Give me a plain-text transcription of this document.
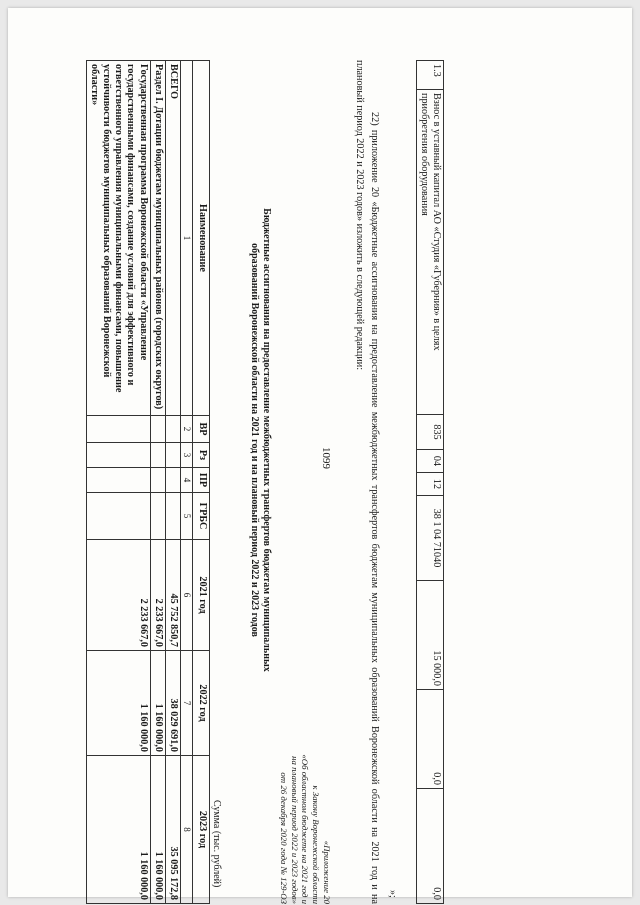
1099
1.3	Взнос в уставный капитал АО «Студия «Губерния» в целях приобретения оборудования	835	04	12	38 1 04 71040	15 000,0	0,0	0,0
»;

22) приложение 20 «Бюджетные ассигнования на предоставление межбюджетных трансфертов бюджетам муниципальных образований Воронежской области на 2021 год и на плановый период 2022 и 2023 годов» изложить в следующей редакции:

«Приложение 20
к Закону Воронежской области
«Об областном бюджете на 2021 год и
на плановый период 2022 и 2023 годов»
от 26 декабря 2020 года № 129-ОЗ
Бюджетные ассигнования на предоставление межбюджетных трансфертов бюджетам муниципальных образований Воронежской области на 2021 год и на плановый период 2022 и 2023 годов
Сумма (тыс. рублей)
Наименование	ВР	Рз	ПР	ГРБС	2021 год	2022 год	2023 год
1	2	3	4	5	6	7	8
ВСЕГО					45 752 850,7	38 029 691,0	35 095 172,8
Раздел I. Дотации бюджетам муниципальных районов (городских округов)					2 233 667,0	1 160 000,0	1 160 000,0
Государственная программа Воронежской области «Управление государственными финансами, создание условий для эффективного и ответственного управления муниципальными финансами, повышение устойчивости бюджетов муниципальных образований Воронежской области»					2 233 667,0	1 160 000,0	1 160 000,0
